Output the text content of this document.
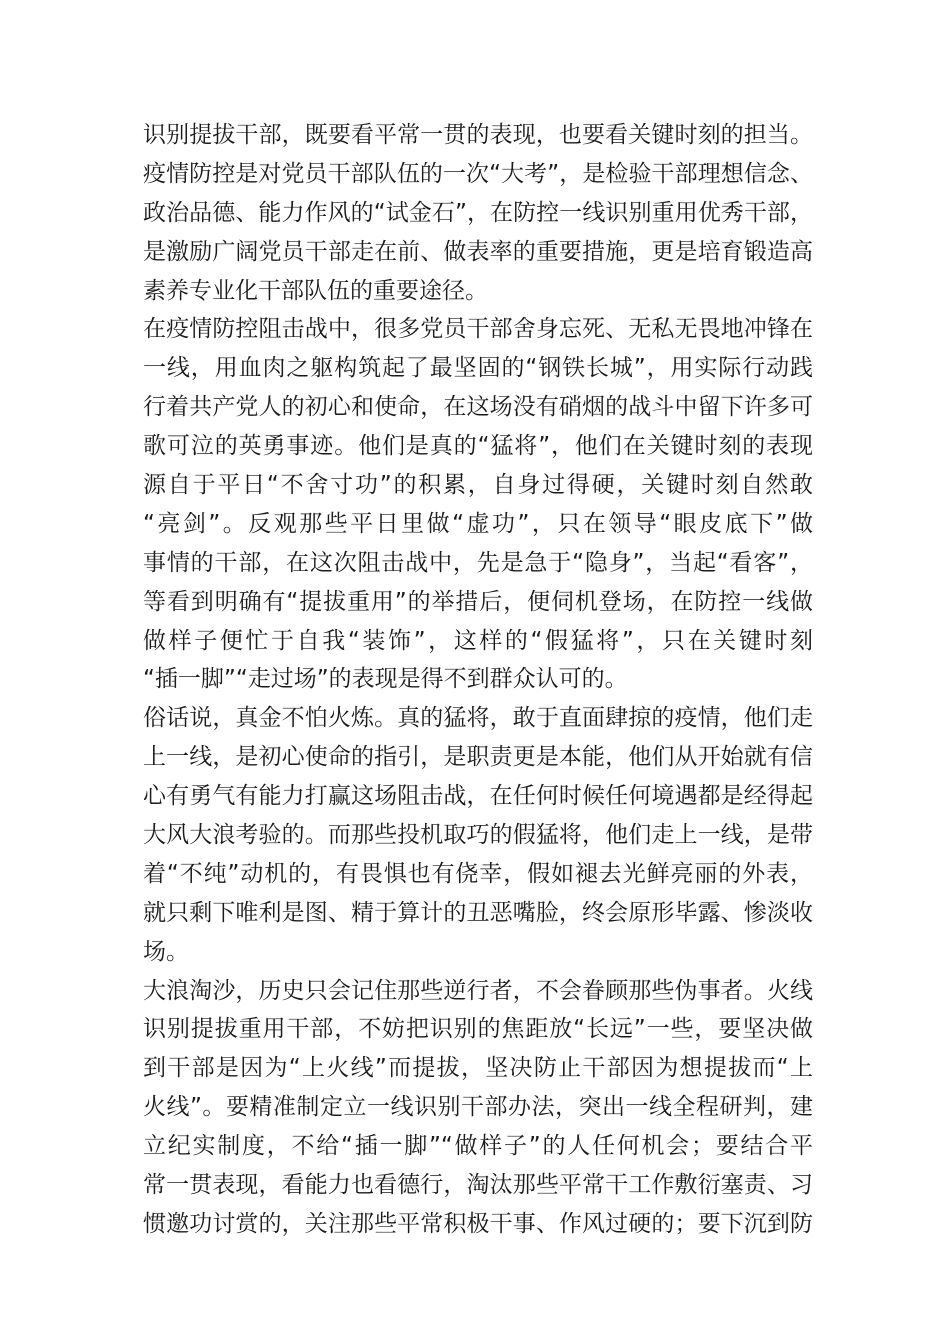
识别提拔干部，既要看平常一贯的表现，也要看关键时刻的担当。
疫情防控是对党员干部队伍的一次“大考”，是检验干部理想信念、
政治品德、能力作风的“试金石”，在防控一线识别重用优秀干部，
是激励广阔党员干部走在前、做表率的重要措施，更是培育锻造高
素养专业化干部队伍的重要途径。
在疫情防控阻击战中，很多党员干部舍身忘死、无私无畏地冲锋在
一线，用血肉之躯构筑起了最坚固的“钢铁长城”，用实际行动践
行着共产党人的初心和使命，在这场没有硝烟的战斗中留下许多可
歌可泣的英勇事迹。他们是真的“猛将”，他们在关键时刻的表现
源自于平日“不舍寸功”的积累，自身过得硬，关键时刻自然敢
“亮剑”。反观那些平日里做“虚功”，只在领导“眼皮底下”做
事情的干部，在这次阻击战中，先是急于“隐身”，当起“看客”，
等看到明确有“提拔重用”的举措后，便伺机登场，在防控一线做
做样子便忙于自我“装饰”，这样的“假猛将”，只在关键时刻
“插一脚”“走过场”的表现是得不到群众认可的。
俗话说，真金不怕火炼。真的猛将，敢于直面肆掠的疫情，他们走
上一线，是初心使命的指引，是职责更是本能，他们从开始就有信
心有勇气有能力打赢这场阻击战，在任何时候任何境遇都是经得起
大风大浪考验的。而那些投机取巧的假猛将，他们走上一线，是带
着“不纯”动机的，有畏惧也有侥幸，假如褪去光鲜亮丽的外表，
就只剩下唯利是图、精于算计的丑恶嘴脸，终会原形毕露、惨淡收
场。
大浪淘沙，历史只会记住那些逆行者，不会眷顾那些伪事者。火线
识别提拔重用干部，不妨把识别的焦距放“长远”一些，要坚决做
到干部是因为“上火线”而提拔，坚决防止干部因为想提拔而“上
火线”。要精准制定立一线识别干部办法，突出一线全程研判，建
立纪实制度，不给“插一脚”“做样子”的人任何机会；要结合平
常一贯表现，看能力也看德行，淘汰那些平常干工作敷衍塞责、习
惯邀功讨赏的，关注那些平常积极干事、作风过硬的；要下沉到防
